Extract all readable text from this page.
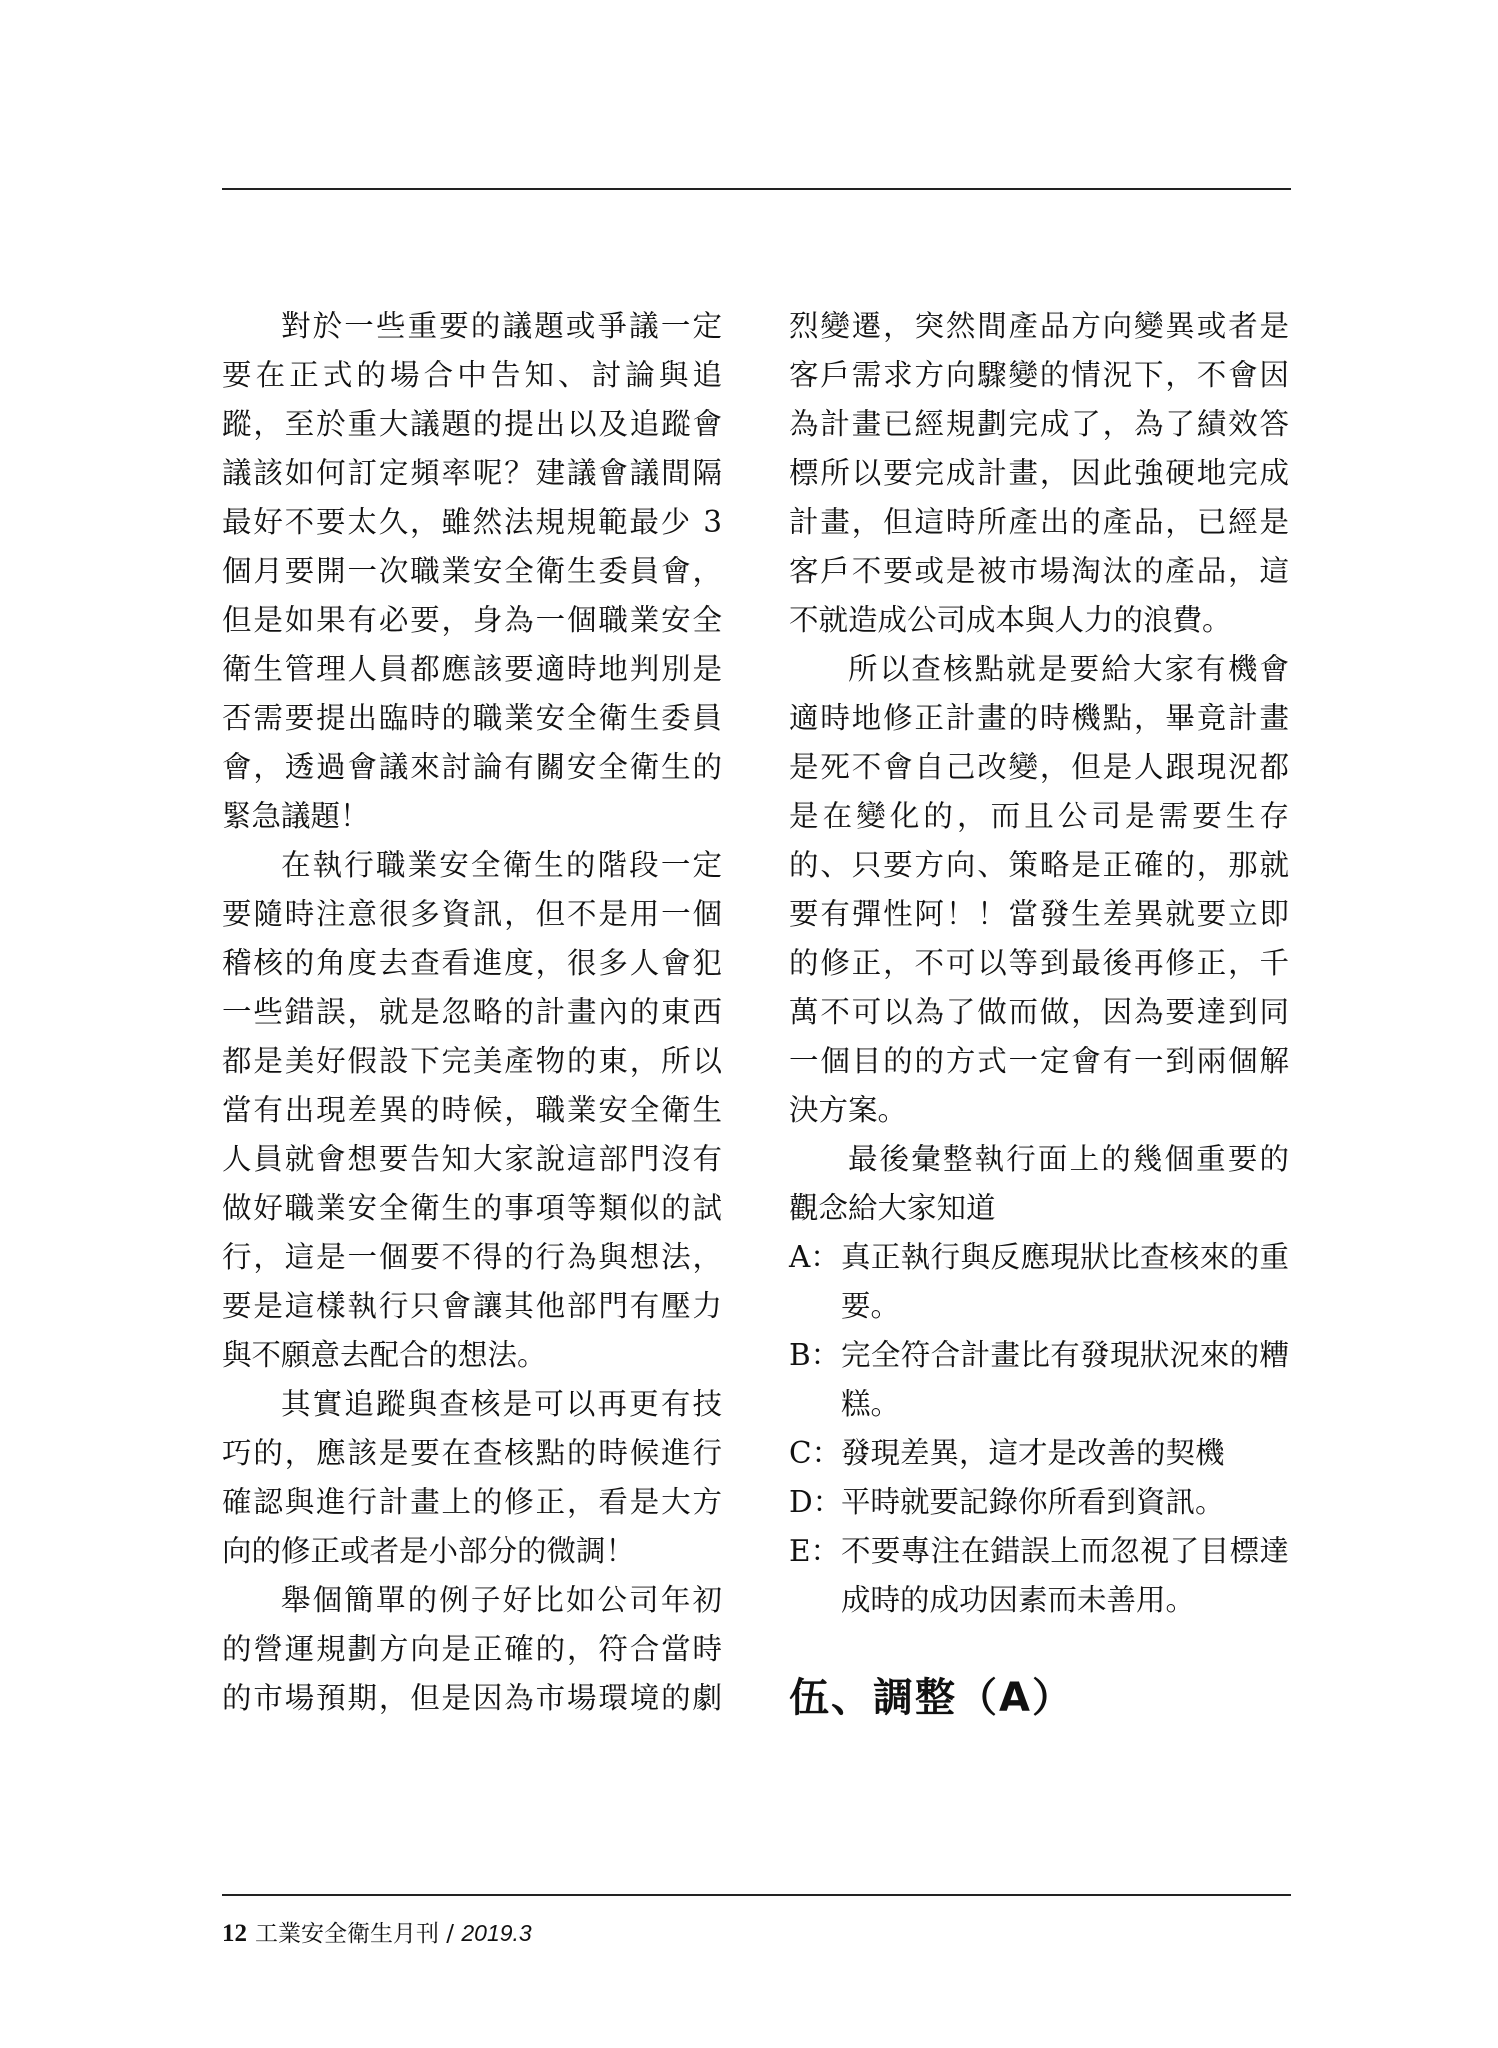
對於一些重要的議題或爭議一定要在正式的場合中告知、討論與追蹤，至於重大議題的提出以及追蹤會議該如何訂定頻率呢？建議會議間隔最好不要太久，雖然法規規範最少 3個月要開一次職業安全衛生委員會，但是如果有必要，身為一個職業安全衛生管理人員都應該要適時地判別是否需要提出臨時的職業安全衛生委員會，透過會議來討論有關安全衛生的緊急議題！

在執行職業安全衛生的階段一定要隨時注意很多資訊，但不是用一個稽核的角度去查看進度，很多人會犯一些錯誤，就是忽略的計畫內的東西都是美好假設下完美產物的東，所以當有出現差異的時候，職業安全衛生人員就會想要告知大家說這部門沒有做好職業安全衛生的事項等類似的試行，這是一個要不得的行為與想法，要是這樣執行只會讓其他部門有壓力與不願意去配合的想法。

其實追蹤與查核是可以再更有技巧的，應該是要在查核點的時候進行確認與進行計畫上的修正，看是大方向的修正或者是小部分的微調！

舉個簡單的例子好比如公司年初的營運規劃方向是正確的，符合當時的市場預期，但是因為市場環境的劇

烈變遷，突然間產品方向變異或者是客戶需求方向驟變的情況下，不會因為計畫已經規劃完成了，為了績效答標所以要完成計畫，因此強硬地完成計畫，但這時所產出的產品，已經是客戶不要或是被市場淘汰的產品，這不就造成公司成本與人力的浪費。

所以查核點就是要給大家有機會適時地修正計畫的時機點，畢竟計畫是死不會自己改變，但是人跟現況都是在變化的，而且公司是需要生存的、只要方向、策略是正確的，那就要有彈性阿！！當發生差異就要立即的修正，不可以等到最後再修正，千萬不可以為了做而做，因為要達到同一個目的的方式一定會有一到兩個解決方案。

最後彙整執行面上的幾個重要的觀念給大家知道

A： 真正執行與反應現狀比查核來的重要。
B： 完全符合計畫比有發現狀況來的糟糕。
C： 發現差異，這才是改善的契機
D：
平時就要記錄你所看到資訊。
E： 不要專注在錯誤上而忽視了目標達成時的成功因素而未善用。
伍、調整（A）
12 工業安全衛生月刊 / 2019.3
